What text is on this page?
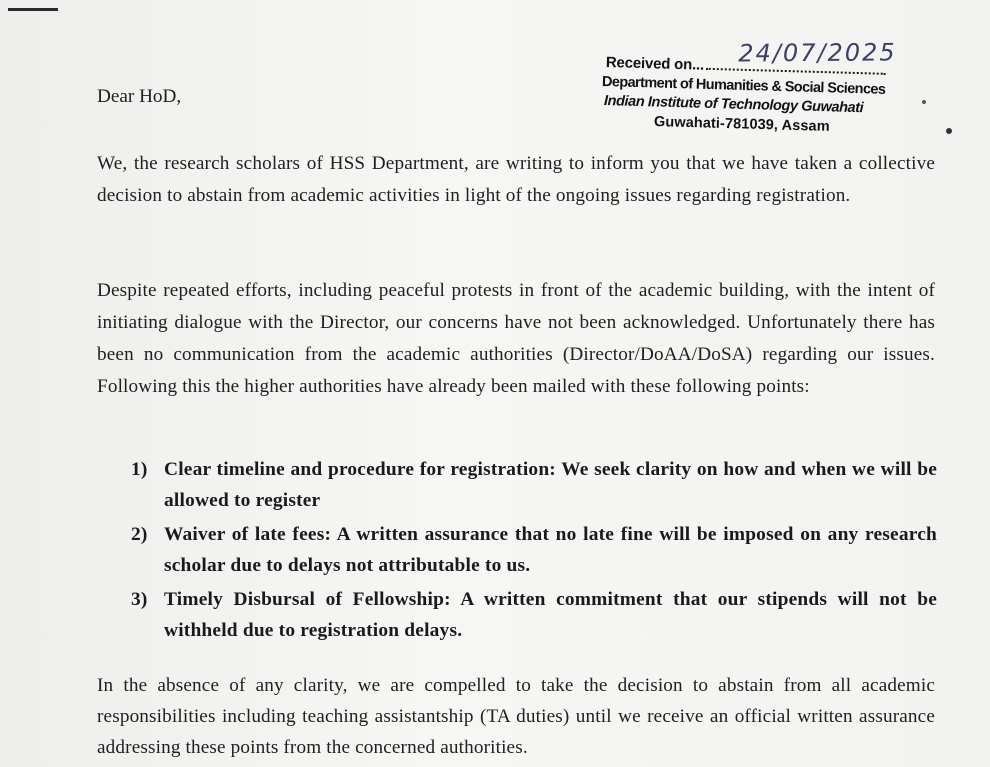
Received on... 24/07/2025
Department of Humanities & Social Sciences
Indian Institute of Technology Guwahati
Guwahati-781039, Assam
Dear HoD,
We, the research scholars of HSS Department, are writing to inform you that we have taken a collective decision to abstain from academic activities in light of the ongoing issues regarding registration.
Despite repeated efforts, including peaceful protests in front of the academic building, with the intent of initiating dialogue with the Director, our concerns have not been acknowledged. Unfortunately there has been no communication from the academic authorities (Director/DoAA/DoSA) regarding our issues. Following this the higher authorities have already been mailed with these following points:
1) Clear timeline and procedure for registration: We seek clarity on how and when we will be allowed to register
2) Waiver of late fees: A written assurance that no late fine will be imposed on any research scholar due to delays not attributable to us.
3) Timely Disbursal of Fellowship: A written commitment that our stipends will not be withheld due to registration delays.
In the absence of any clarity, we are compelled to take the decision to abstain from all academic responsibilities including teaching assistantship (TA duties) until we receive an official written assurance addressing these points from the concerned authorities.
